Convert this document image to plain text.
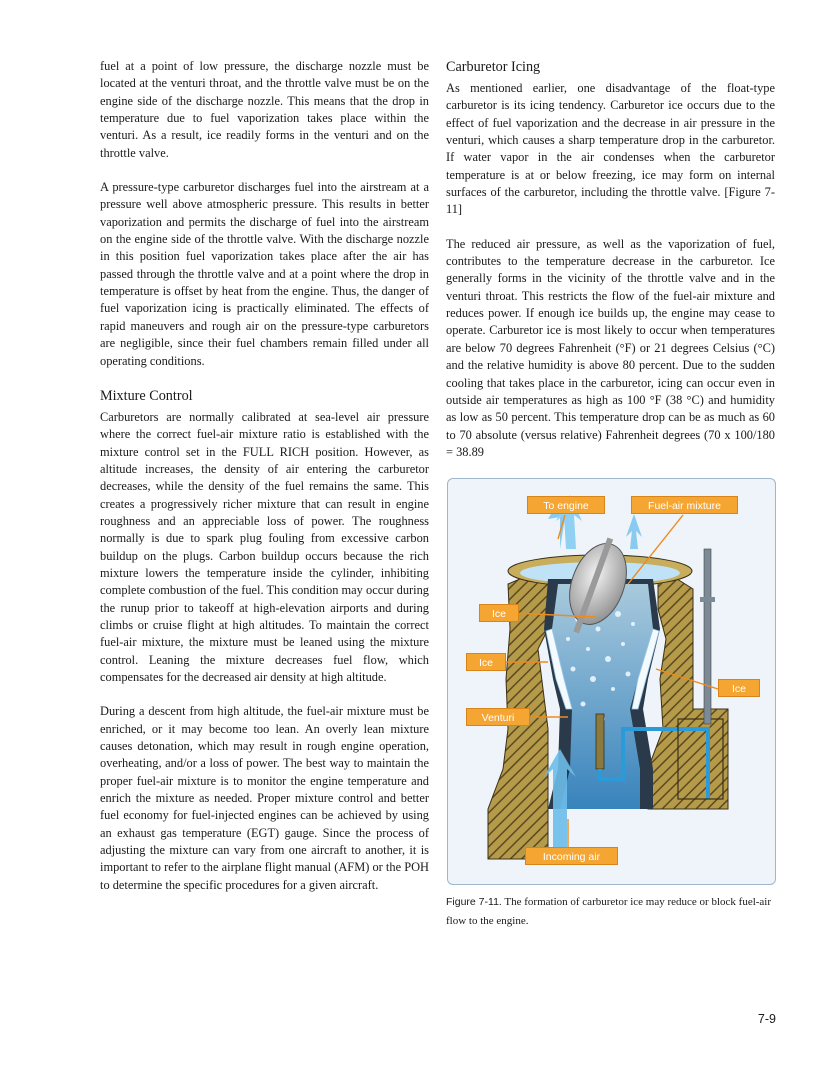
fuel at a point of low pressure, the discharge nozzle must be located at the venturi throat, and the throttle valve must be on the engine side of the discharge nozzle. This means that the drop in temperature due to fuel vaporization takes place within the venturi. As a result, ice readily forms in the venturi and on the throttle valve.

A pressure-type carburetor discharges fuel into the airstream at a pressure well above atmospheric pressure. This results in better vaporization and permits the discharge of fuel into the airstream on the engine side of the throttle valve. With the discharge nozzle in this position fuel vaporization takes place after the air has passed through the throttle valve and at a point where the drop in temperature is offset by heat from the engine. Thus, the danger of fuel vaporization icing is practically eliminated. The effects of rapid maneuvers and rough air on the pressure-type carburetors are negligible, since their fuel chambers remain filled under all operating conditions.

Mixture Control

Carburetors are normally calibrated at sea-level air pressure where the correct fuel-air mixture ratio is established with the mixture control set in the FULL RICH position. However, as altitude increases, the density of air entering the carburetor decreases, while the density of the fuel remains the same. This creates a progressively richer mixture that can result in engine roughness and an appreciable loss of power. The roughness normally is due to spark plug fouling from excessive carbon buildup on the plugs. Carbon buildup occurs because the rich mixture lowers the temperature inside the cylinder, inhibiting complete combustion of the fuel. This condition may occur during the runup prior to takeoff at high-elevation airports and during climbs or cruise flight at high altitudes. To maintain the correct fuel-air mixture, the mixture must be leaned using the mixture control. Leaning the mixture decreases fuel flow, which compensates for the decreased air density at high altitude.

During a descent from high altitude, the fuel-air mixture must be enriched, or it may become too lean. An overly lean mixture causes detonation, which may result in rough engine operation, overheating, and/or a loss of power. The best way to maintain the proper fuel-air mixture is to monitor the engine temperature and enrich the mixture as needed. Proper mixture control and better fuel economy for fuel-injected engines can be achieved by using an exhaust gas temperature (EGT) gauge. Since the process of adjusting the mixture can vary from one aircraft to another, it is important to refer to the airplane flight manual (AFM) or the POH to determine the specific procedures for a given aircraft.

Carburetor Icing

As mentioned earlier, one disadvantage of the float-type carburetor is its icing tendency. Carburetor ice occurs due to the effect of fuel vaporization and the decrease in air pressure in the venturi, which causes a sharp temperature drop in the carburetor. If water vapor in the air condenses when the carburetor temperature is at or below freezing, ice may form on internal surfaces of the carburetor, including the throttle valve. [Figure 7-11]

The reduced air pressure, as well as the vaporization of fuel, contributes to the temperature decrease in the carburetor. Ice generally forms in the vicinity of the throttle valve and in the venturi throat. This restricts the flow of the fuel-air mixture and reduces power. If enough ice builds up, the engine may cease to operate. Carburetor ice is most likely to occur when temperatures are below 70 degrees Fahrenheit (°F) or 21 degrees Celsius (°C) and the relative humidity is above 80 percent. Due to the sudden cooling that takes place in the carburetor, icing can occur even in outside air temperatures as high as 100 °F (38 °C) and humidity as low as 50 percent. This temperature drop can be as much as 60 to 70 absolute (versus relative) Fahrenheit degrees (70 x 100/180 = 38.89

To engine	Fuel-air mixture
Ice
Ice
Ice
Venturi
Incoming air
Figure 7-11. The formation of carburetor ice may reduce or block fuel-air flow to the engine.
7-9
